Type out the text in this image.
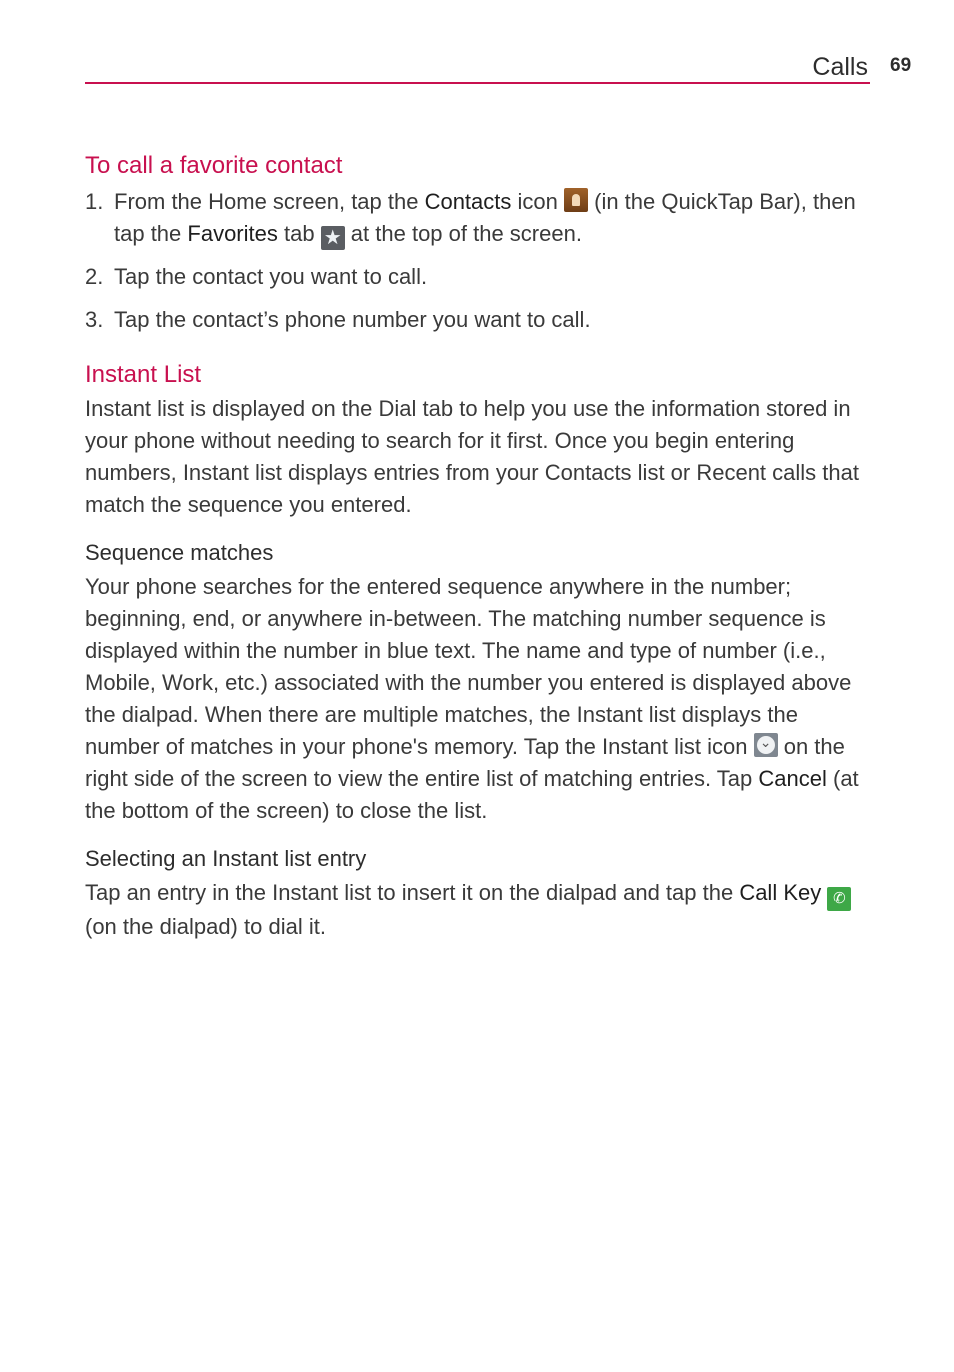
Calls 69
To call a favorite contact
1. From the Home screen, tap the Contacts icon  (in the QuickTap Bar), then tap the Favorites tab ★ at the top of the screen.
2. Tap the contact you want to call.
3. Tap the contact’s phone number you want to call.
Instant List

Instant list is displayed on the Dial tab to help you use the information stored in your phone without needing to search for it first. Once you begin entering numbers, Instant list displays entries from your Contacts list or Recent calls that match the sequence you entered.

Sequence matches

Your phone searches for the entered sequence anywhere in the number; beginning, end, or anywhere in-between. The matching number sequence is displayed within the number in blue text. The name and type of number (i.e., Mobile, Work, etc.) associated with the number you entered is displayed above the dialpad. When there are multiple matches, the Instant list displays the number of matches in your phone's memory. Tap the Instant list icon ⌄ on the right side of the screen to view the entire list of matching entries. Tap Cancel (at the bottom of the screen) to close the list.

Selecting an Instant list entry

Tap an entry in the Instant list to insert it on the dialpad and tap the Call Key ✆ (on the dialpad) to dial it.
